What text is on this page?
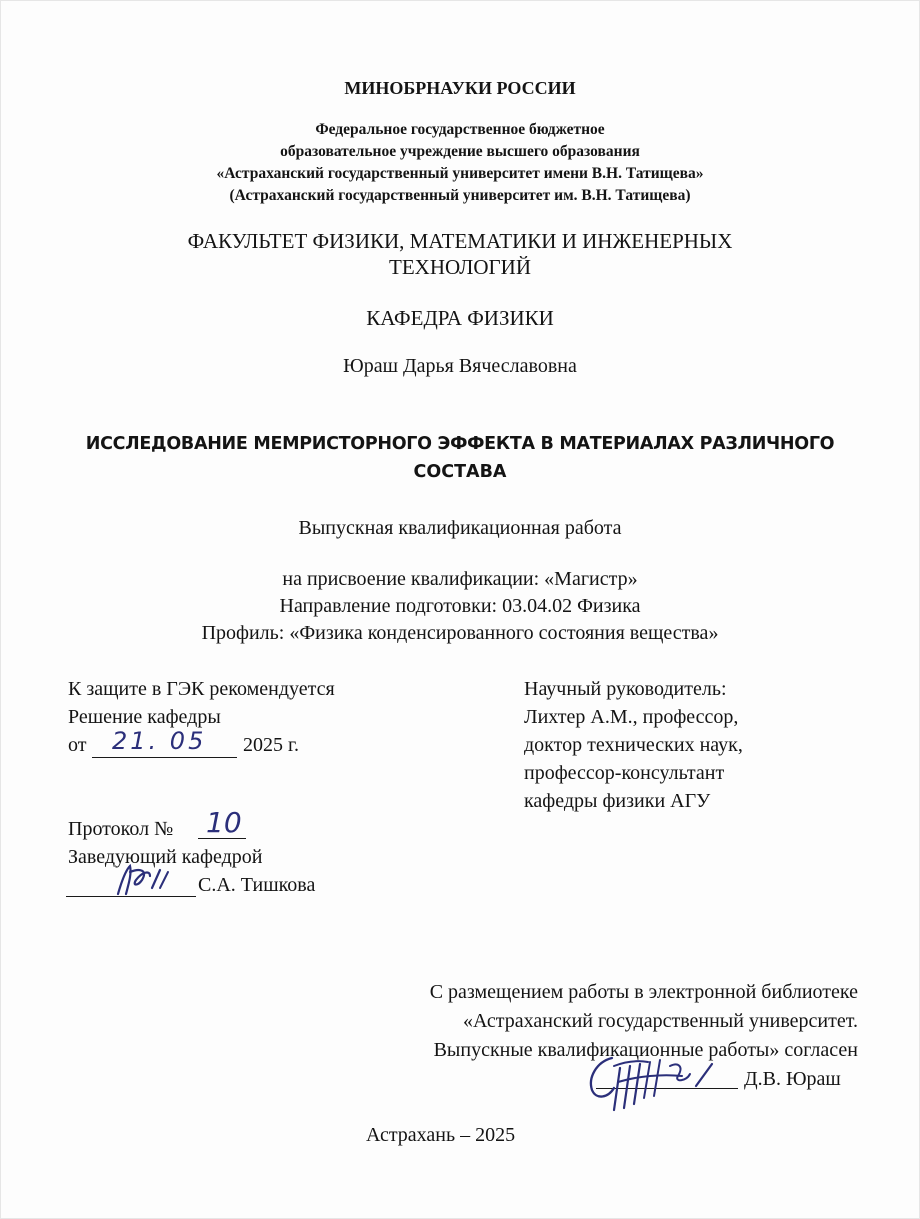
МИНОБРНАУКИ РОССИИ
Федеральное государственное бюджетное
образовательное учреждение высшего образования
«Астраханский государственный университет имени В.Н. Татищева»
(Астраханский государственный университет им. В.Н. Татищева)
ФАКУЛЬТЕТ ФИЗИКИ, МАТЕМАТИКИ И ИНЖЕНЕРНЫХ
ТЕХНОЛОГИЙ
КАФЕДРА ФИЗИКИ
Юраш Дарья Вячеславовна
ИССЛЕДОВАНИЕ МЕМРИСТОРНОГО ЭФФЕКТА В МАТЕРИАЛАХ РАЗЛИЧНОГО
СОСТАВА
Выпускная квалификационная работа
на присвоение квалификации: «Магистр»
Направление подготовки: 03.04.02 Физика
Профиль: «Физика конденсированного состояния вещества»
К защите в ГЭК рекомендуется
Решение кафедры
от 21. 05 2025 г.
Протокол № 10
Заведующий кафедрой
С.А. Тишкова
Научный руководитель:
Лихтер А.М., профессор,
доктор технических наук,
профессор-консультант
кафедры физики АГУ
С размещением работы в электронной библиотеке
«Астраханский государственный университет.
Выпускные квалификационные работы» согласен
Д.В. Юраш
Астрахань – 2025
